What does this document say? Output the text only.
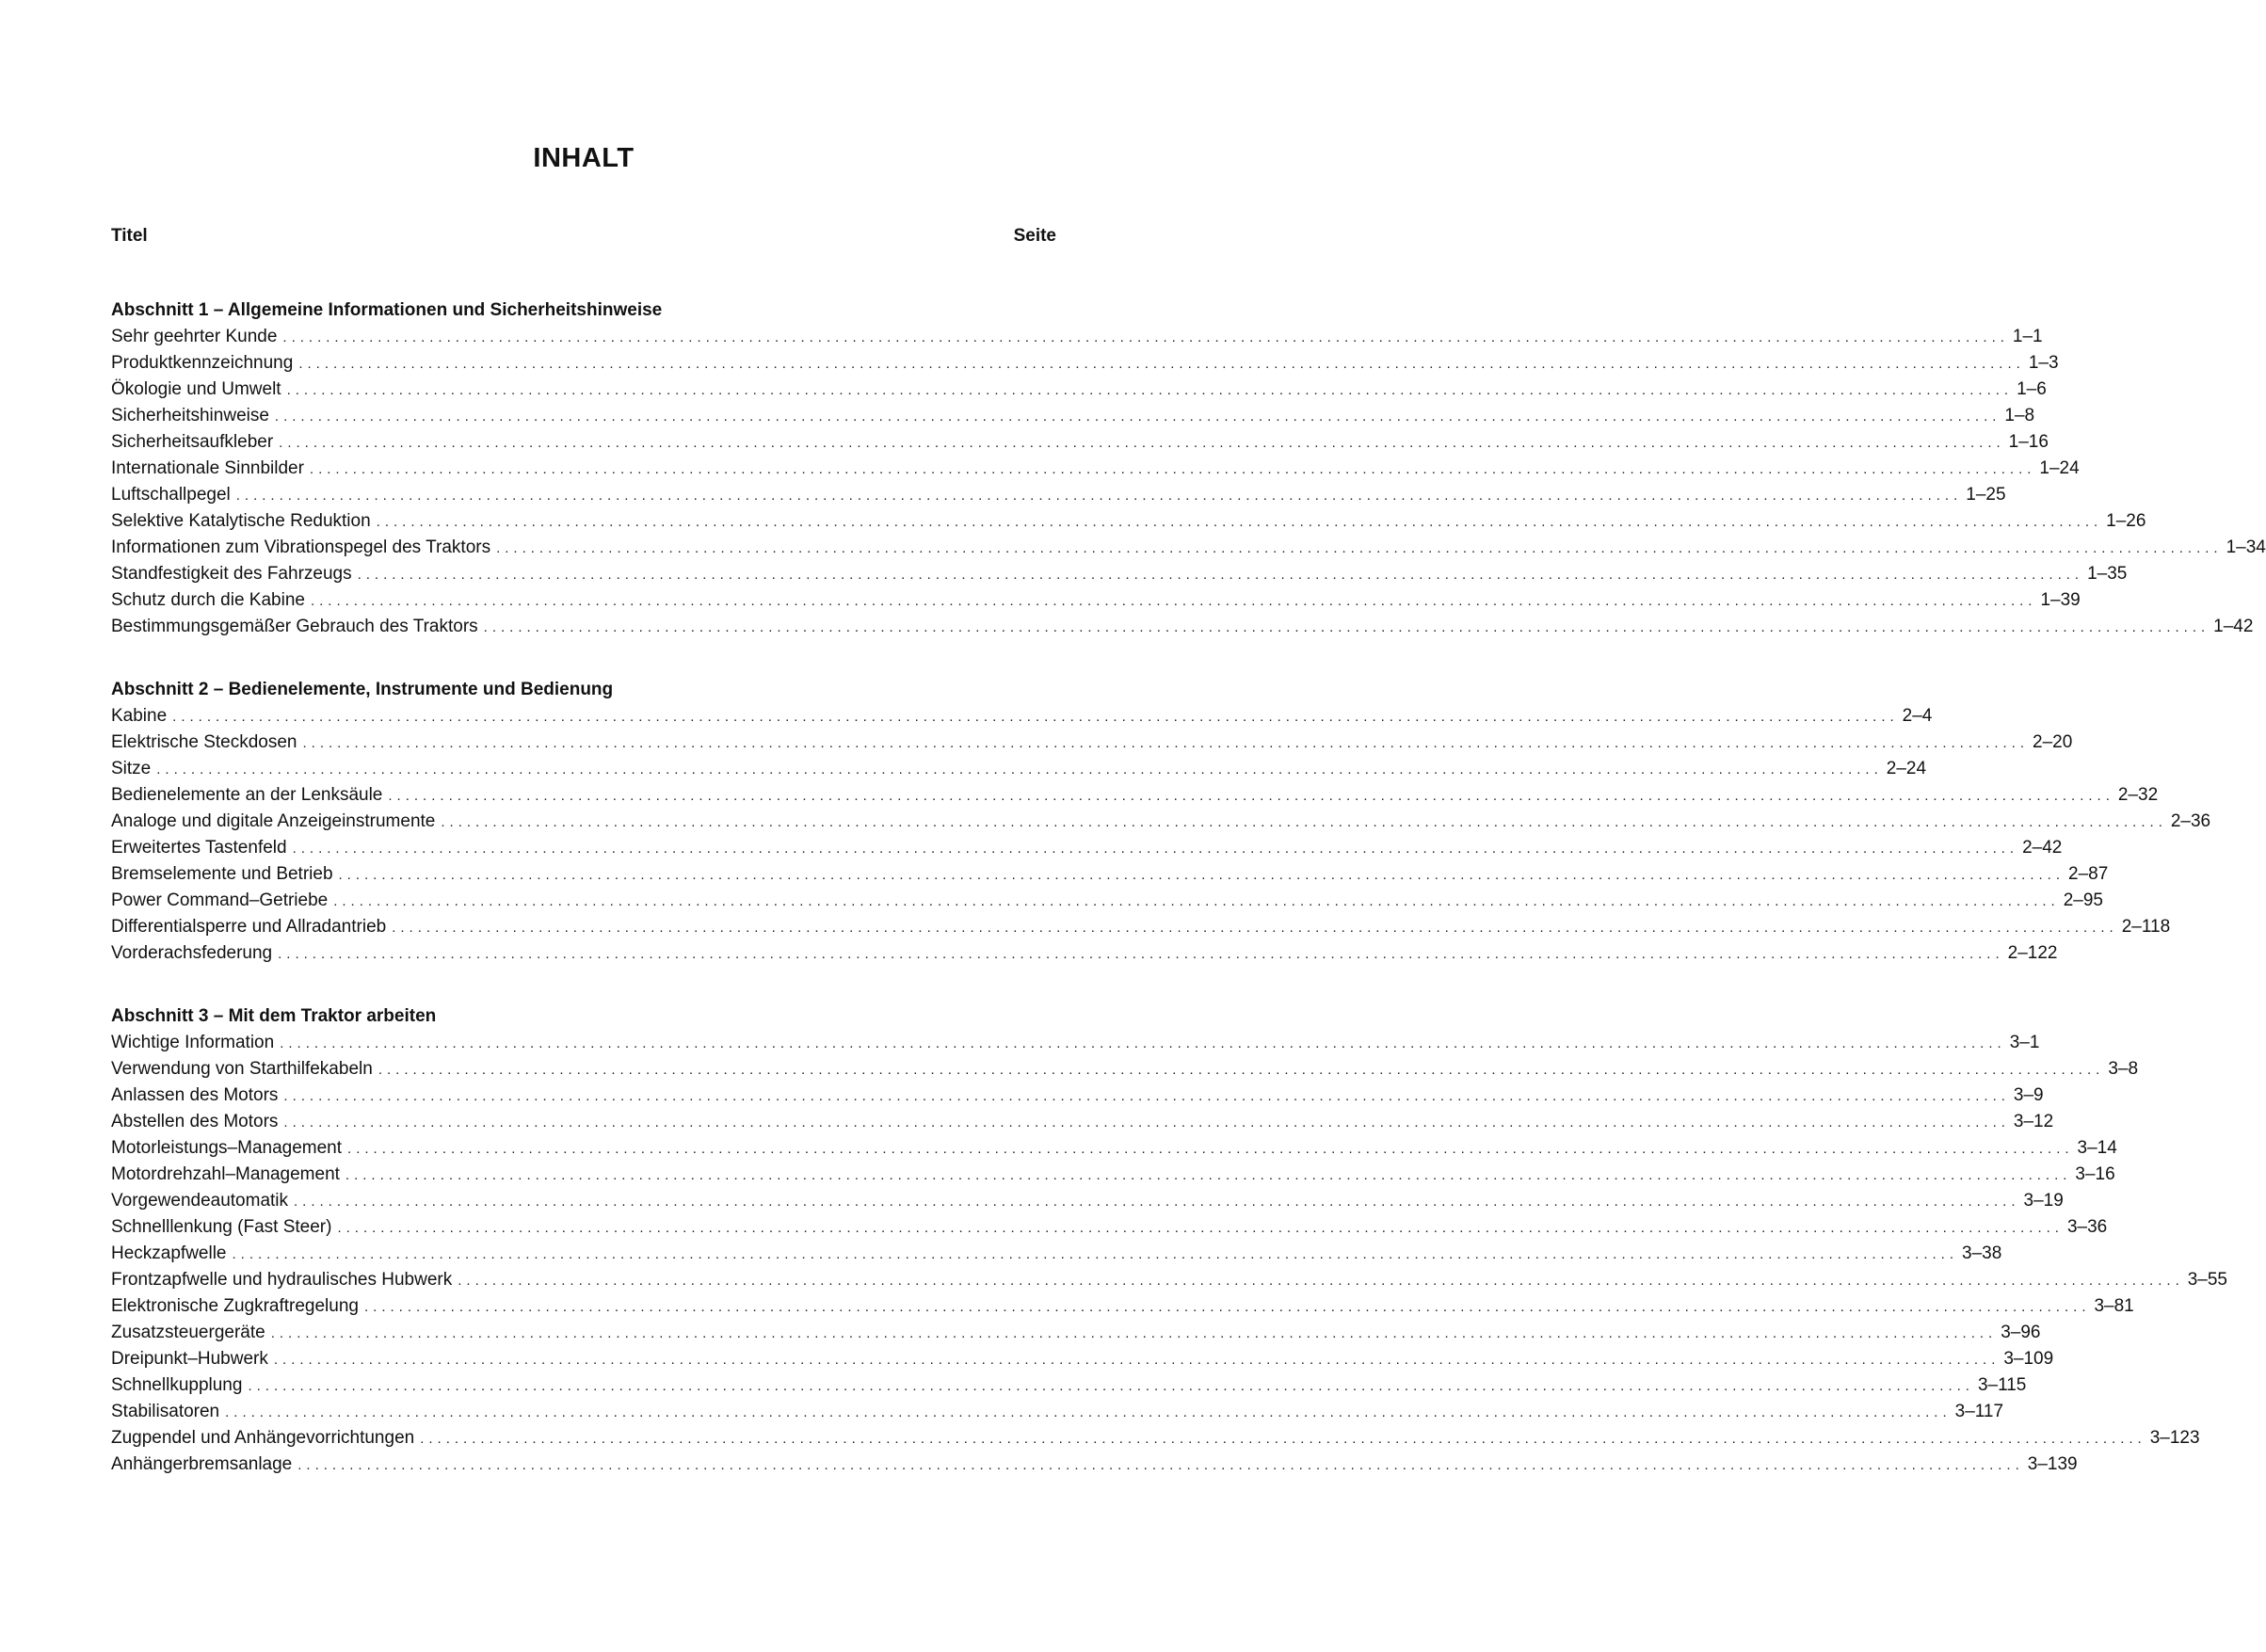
INHALT
Titel	Seite
Abschnitt 1 – Allgemeine Informationen und Sicherheitshinweise
Sehr geehrter Kunde ........................................................................................................................................................................................................ 1–1
Produktkennzeichnung ........................................................................................................................................................................................................ 1–3
Ökologie und Umwelt ........................................................................................................................................................................................................ 1–6
Sicherheitshinweise ........................................................................................................................................................................................................ 1–8
Sicherheitsaufkleber ........................................................................................................................................................................................................ 1–16
Internationale Sinnbilder ........................................................................................................................................................................................................ 1–24
Luftschallpegel ........................................................................................................................................................................................................ 1–25
Selektive Katalytische Reduktion ........................................................................................................................................................................................................ 1–26
Informationen zum Vibrationspegel des Traktors ........................................................................................................................................................................................................ 1–34
Standfestigkeit des Fahrzeugs ........................................................................................................................................................................................................ 1–35
Schutz durch die Kabine ........................................................................................................................................................................................................ 1–39
Bestimmungsgemäßer Gebrauch des Traktors ........................................................................................................................................................................................................ 1–42
Abschnitt 2 – Bedienelemente, Instrumente und Bedienung
Kabine ........................................................................................................................................................................................................ 2–4
Elektrische Steckdosen ........................................................................................................................................................................................................ 2–20
Sitze ........................................................................................................................................................................................................ 2–24
Bedienelemente an der Lenksäule ........................................................................................................................................................................................................ 2–32
Analoge und digitale Anzeigeinstrumente ........................................................................................................................................................................................................ 2–36
Erweitertes Tastenfeld ........................................................................................................................................................................................................ 2–42
Bremselemente und Betrieb ........................................................................................................................................................................................................ 2–87
Power Command–Getriebe ........................................................................................................................................................................................................ 2–95
Differentialsperre und Allradantrieb ........................................................................................................................................................................................................ 2–118
Vorderachsfederung ........................................................................................................................................................................................................ 2–122
Abschnitt 3 – Mit dem Traktor arbeiten
Wichtige Information ........................................................................................................................................................................................................ 3–1
Verwendung von Starthilfekabeln ........................................................................................................................................................................................................ 3–8
Anlassen des Motors ........................................................................................................................................................................................................ 3–9
Abstellen des Motors ........................................................................................................................................................................................................ 3–12
Motorleistungs–Management ........................................................................................................................................................................................................ 3–14
Motordrehzahl–Management ........................................................................................................................................................................................................ 3–16
Vorgewendeautomatik ........................................................................................................................................................................................................ 3–19
Schnelllenkung (Fast Steer) ........................................................................................................................................................................................................ 3–36
Heckzapfwelle ........................................................................................................................................................................................................ 3–38
Frontzapfwelle und hydraulisches Hubwerk ........................................................................................................................................................................................................ 3–55
Elektronische Zugkraftregelung ........................................................................................................................................................................................................ 3–81
Zusatzsteuergeräte ........................................................................................................................................................................................................ 3–96
Dreipunkt–Hubwerk ........................................................................................................................................................................................................ 3–109
Schnellkupplung ........................................................................................................................................................................................................ 3–115
Stabilisatoren ........................................................................................................................................................................................................ 3–117
Zugpendel und Anhängevorrichtungen ........................................................................................................................................................................................................ 3–123
Anhängerbremsanlage ........................................................................................................................................................................................................ 3–139
